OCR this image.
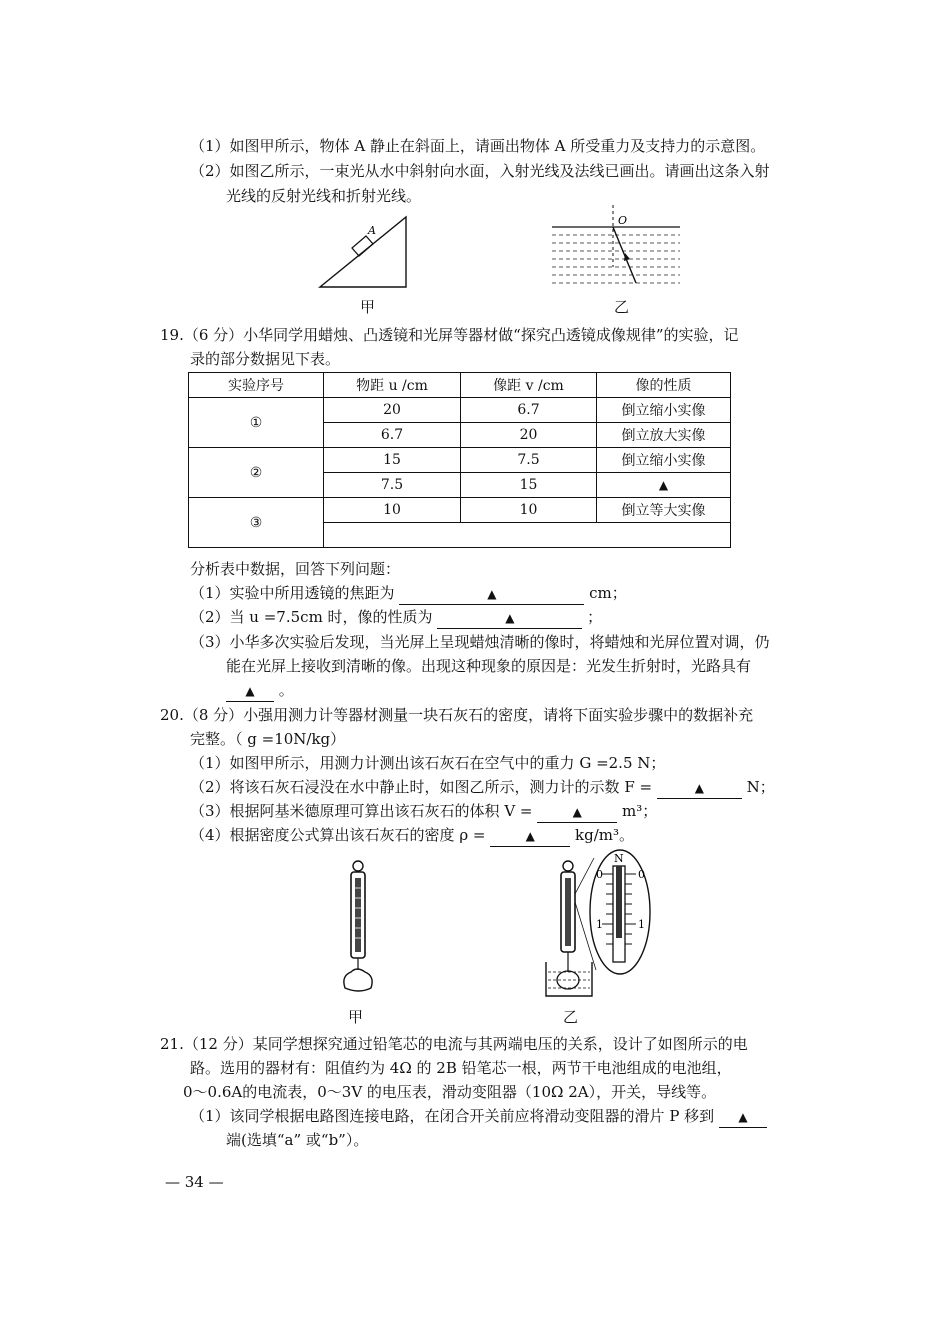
（1）如图甲所示，物体 A 静止在斜面上，请画出物体 A 所受重力及支持力的示意图。
（2）如图乙所示，一束光从水中斜射向水面，入射光线及法线已画出。请画出这条入射
光线的反射光线和折射光线。
A
甲
O
乙
19.（6 分）小华同学用蜡烛、凸透镜和光屏等器材做“探究凸透镜成像规律”的实验，记
录的部分数据见下表。
实验序号	物距 u /cm	像距 v /cm	像的性质
①	20	6.7	倒立缩小实像
	6.7	20	倒立放大实像
②	15	7.5	倒立缩小实像
	7.5	15	▲
③	10	10	倒立等大实像

分析表中数据，回答下列问题：
（1）实验中所用透镜的焦距为	▲	cm；
（2）当 u =7.5cm 时，像的性质为	▲	；
（3）小华多次实验后发现，当光屏上呈现蜡烛清晰的像时，将蜡烛和光屏位置对调，仍
能在光屏上接收到清晰的像。出现这种现象的原因是：光发生折射时，光路具有
▲ 。
20.（8 分）小强用测力计等器材测量一块石灰石的密度，请将下面实验步骤中的数据补充
完整。（ g =10N/kg）
（1）如图甲所示，用测力计测出该石灰石在空气中的重力 G =2.5 N；
（2）将该石灰石浸没在水中静止时，如图乙所示，测力计的示数 F =	▲	N；
（3）根据阿基米德原理可算出该石灰石的体积 V =	▲	m³；
（4）根据密度公式算出该石灰石的密度 ρ =	▲	kg/m³。
甲
N
0	0
1	1
乙
21.（12 分）某同学想探究通过铅笔芯的电流与其两端电压的关系，设计了如图所示的电
路。选用的器材有：阻值约为 4Ω 的 2B 铅笔芯一根，两节干电池组成的电池组，
0～0.6A的电流表，0～3V 的电压表，滑动变阻器（10Ω 2A），开关，导线等。
（1）该同学根据电路图连接电路，在闭合开关前应将滑动变阻器的滑片 P 移到 ▲
端(选填“a” 或“b”）。
— 34 —
